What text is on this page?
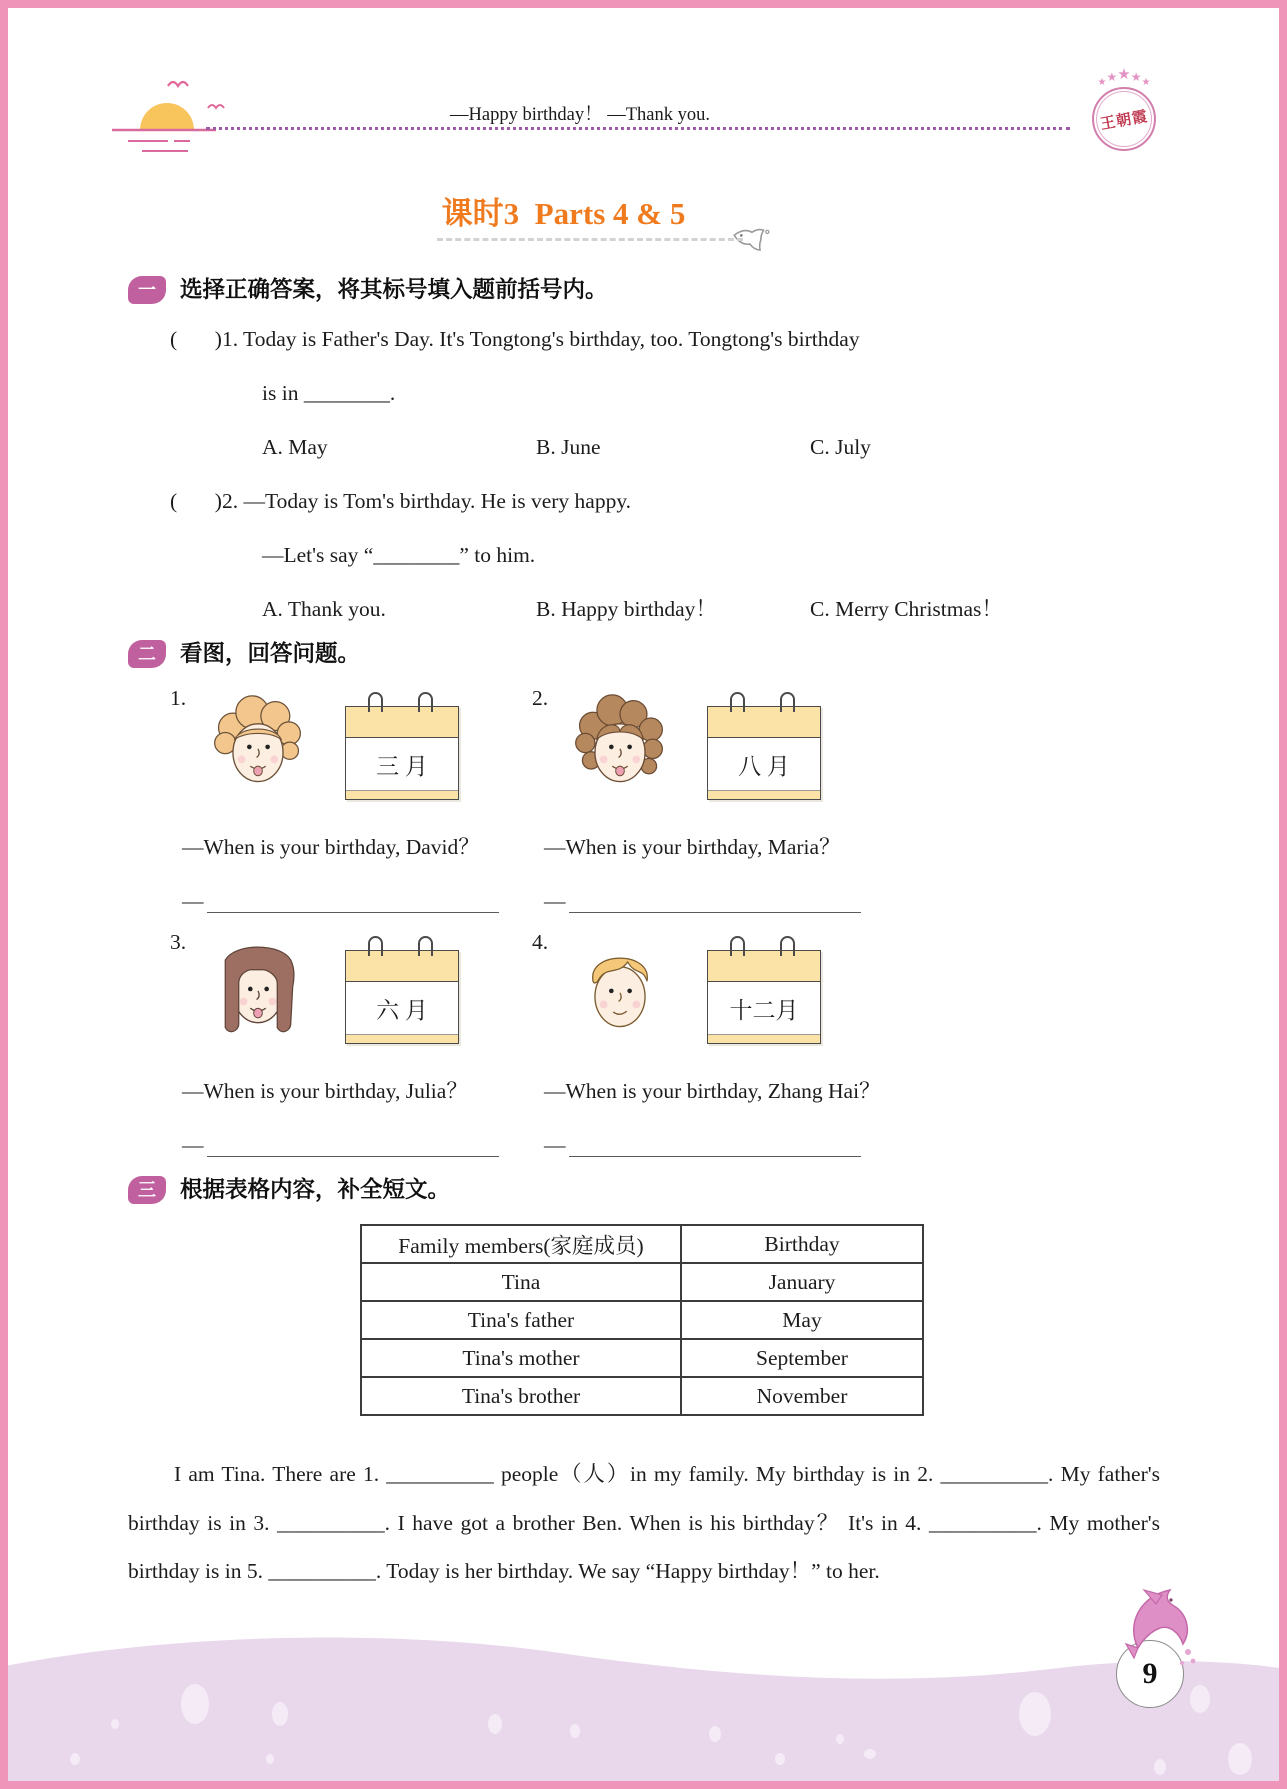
—Happy birthday！ —Thank you.
★★★★★
王朝霞
课时3  Parts 4 & 5
一	选择正确答案，将其标号填入题前括号内。
(       )1. Today is Father's Day. It's Tongtong's birthday, too. Tongtong's birthday
is in ________.
A. May	B. June	C. July
(       )2. —Today is Tom's birthday. He is very happy.
—Let's say “________” to him.
A. Thank you.	B. Happy birthday！	C. Merry Christmas！
二	看图，回答问题。
1.
三 月
—When is your birthday, David？
—
2.
八 月
—When is your birthday, Maria？
—
3.
六 月
—When is your birthday, Julia？
—
4.
十二月
—When is your birthday, Zhang Hai？
—
三	根据表格内容，补全短文。
Family members(家庭成员)	Birthday
Tina	January
Tina's father	May
Tina's mother	September
Tina's brother	November

I am Tina. There are 1. __________ people（人）in my family. My birthday is in 2. __________. My father's birthday is in 3. __________. I have got a brother Ben. When is his birthday？ It's in 4. __________. My mother's birthday is in 5. __________. Today is her birthday. We say “Happy birthday！” to her.

9
